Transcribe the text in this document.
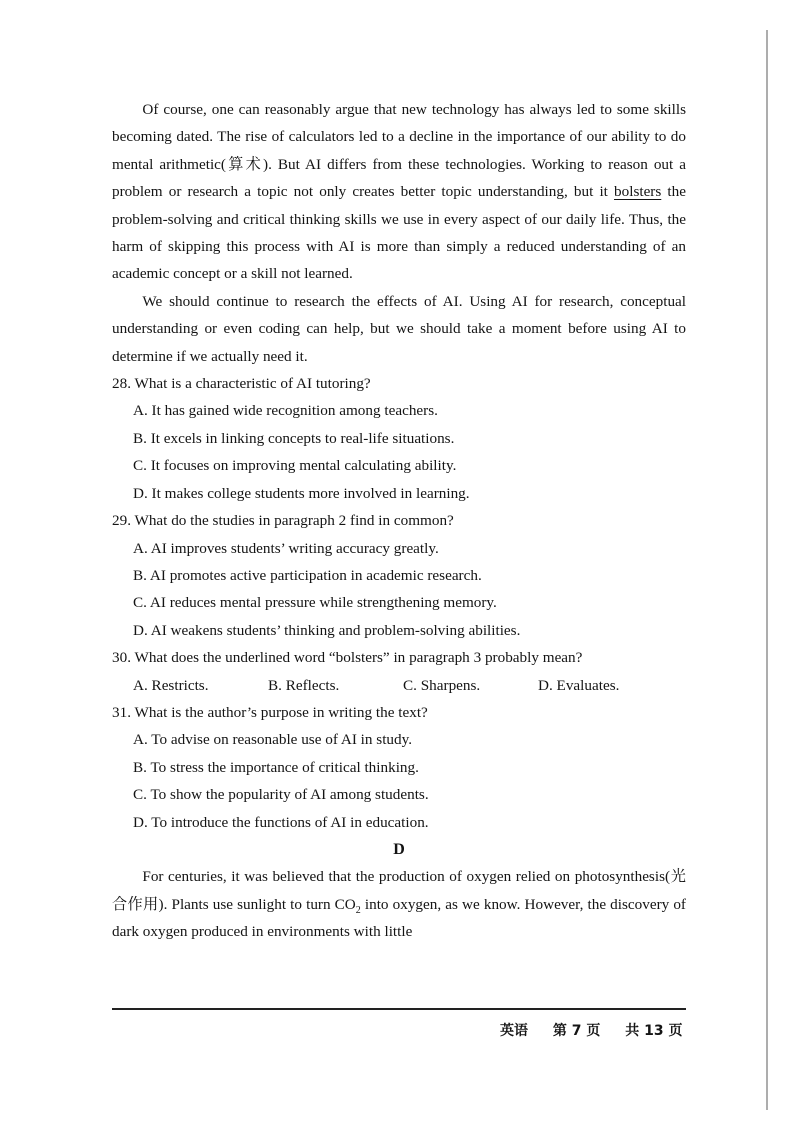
Of course, one can reasonably argue that new technology has always led to some skills becoming dated. The rise of calculators led to a decline in the importance of our ability to do mental arithmetic(算术). But AI differs from these technologies. Working to reason out a problem or research a topic not only creates better topic understanding, but it bolsters the problem-solving and critical thinking skills we use in every aspect of our daily life. Thus, the harm of skipping this process with AI is more than simply a reduced understanding of an academic concept or a skill not learned.

We should continue to research the effects of AI. Using AI for research, conceptual understanding or even coding can help, but we should take a moment before using AI to determine if we actually need it.

28. What is a characteristic of AI tutoring?

A. It has gained wide recognition among teachers.

B. It excels in linking concepts to real-life situations.

C. It focuses on improving mental calculating ability.

D. It makes college students more involved in learning.

29. What do the studies in paragraph 2 find in common?

A. AI improves students’ writing accuracy greatly.

B. AI promotes active participation in academic research.

C. AI reduces mental pressure while strengthening memory.

D. AI weakens students’ thinking and problem-solving abilities.

30. What does the underlined word “bolsters” in paragraph 3 probably mean?

A. Restricts.	B. Reflects.	C. Sharpens.	D. Evaluates.

31. What is the author’s purpose in writing the text?

A. To advise on reasonable use of AI in study.

B. To stress the importance of critical thinking.

C. To show the popularity of AI among students.

D. To introduce the functions of AI in education.

D

For centuries, it was believed that the production of oxygen relied on photosynthesis(光合作用). Plants use sunlight to turn $CO_2$ into oxygen, as we know. However, the discovery of dark oxygen produced in environments with little

英语 第 7 页 共 13 页
